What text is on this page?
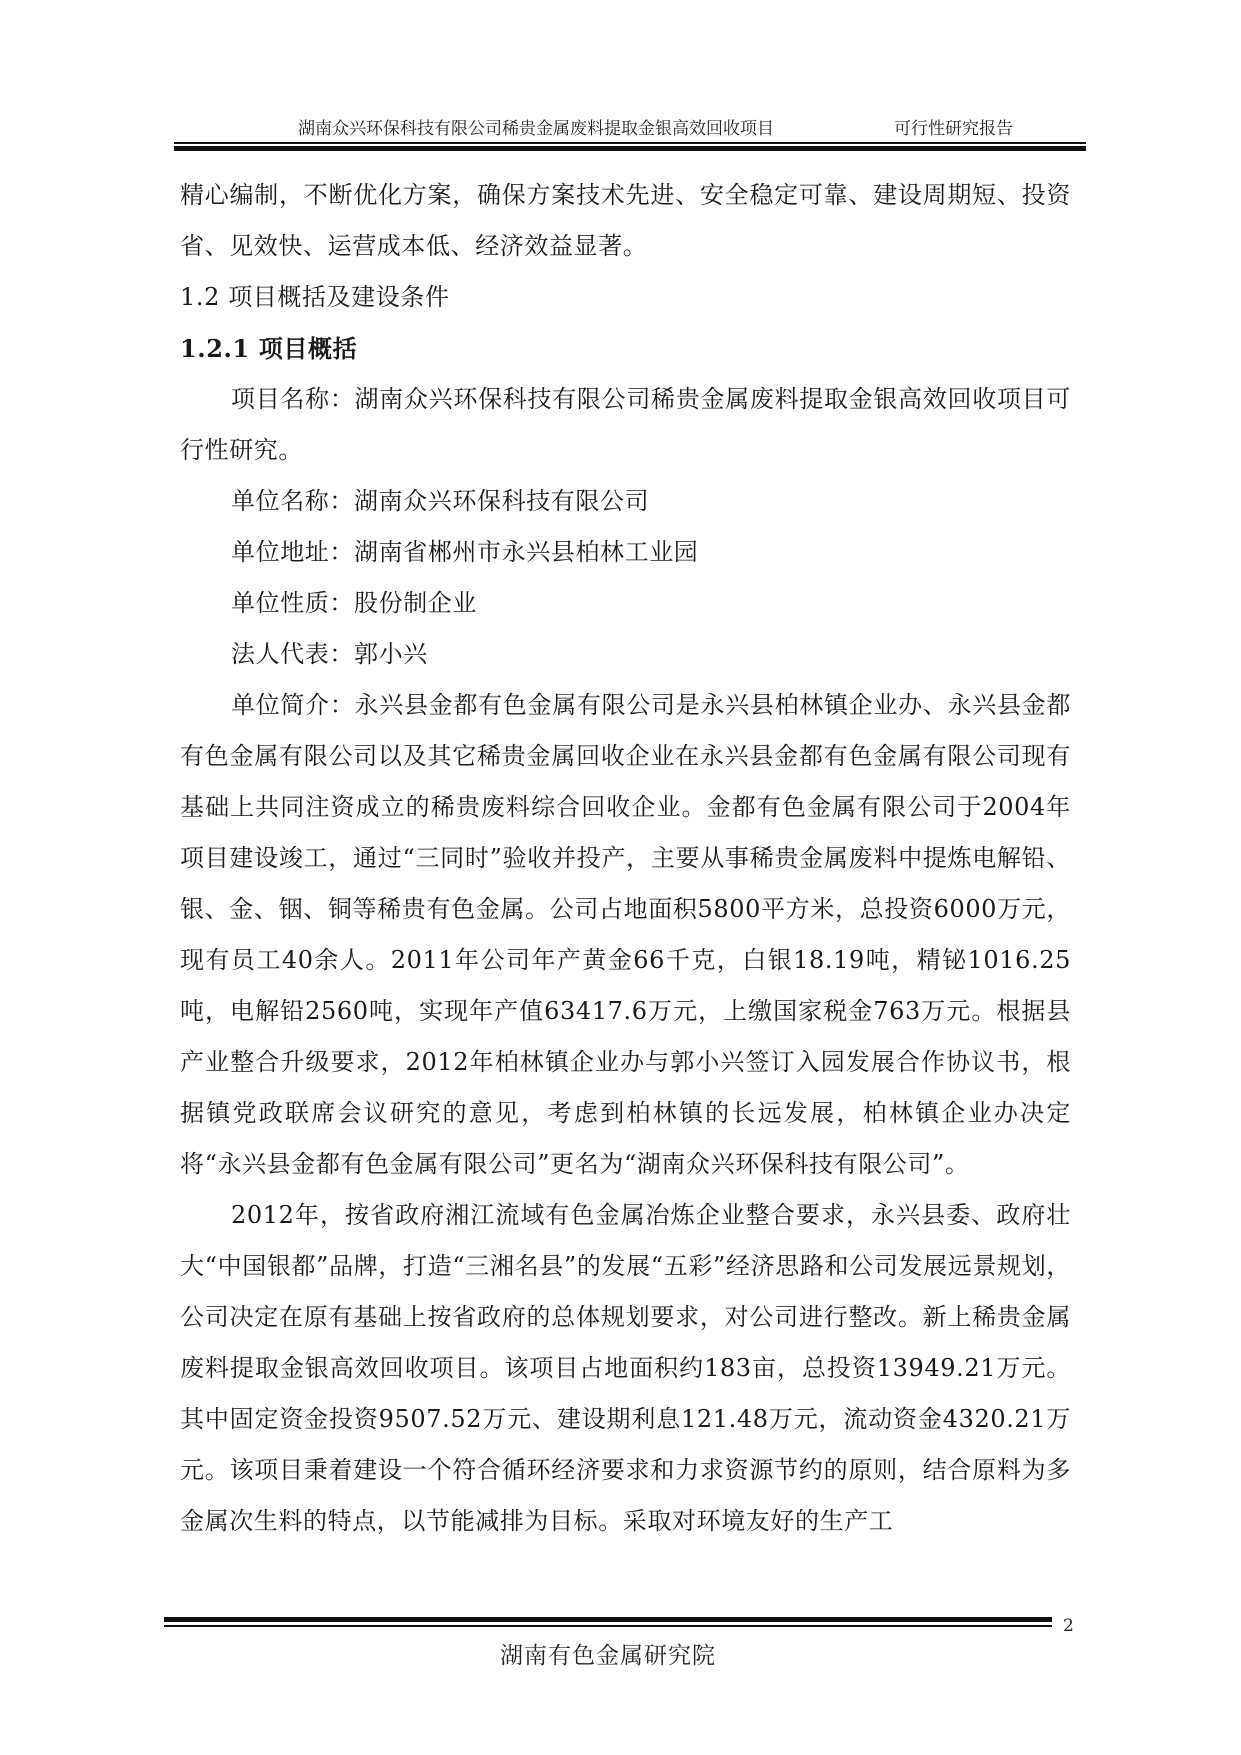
湖南众兴环保科技有限公司稀贵金属废料提取金银高效回收项目	可行性研究报告

精心编制，不断优化方案，确保方案技术先进、安全稳定可靠、建设周期短、投资省、见效快、运营成本低、经济效益显著。

1.2 项目概括及建设条件
1.2.1 项目概括

项目名称：湖南众兴环保科技有限公司稀贵金属废料提取金银高效回收项目可行性研究。

单位名称：湖南众兴环保科技有限公司

单位地址：湖南省郴州市永兴县柏林工业园

单位性质：股份制企业

法人代表：郭小兴

单位简介：永兴县金都有色金属有限公司是永兴县柏林镇企业办、永兴县金都有色金属有限公司以及其它稀贵金属回收企业在永兴县金都有色金属有限公司现有基础上共同注资成立的稀贵废料综合回收企业。金都有色金属有限公司于2004年项目建设竣工，通过“三同时”验收并投产，主要从事稀贵金属废料中提炼电解铅、银、金、铟、铜等稀贵有色金属。公司占地面积5800平方米，总投资6000万元，现有员工40余人。2011年公司年产黄金66千克，白银18.19吨，精铋1016.25吨，电解铅2560吨，实现年产值63417.6万元，上缴国家税金763万元。根据县产业整合升级要求，2012年柏林镇企业办与郭小兴签订入园发展合作协议书，根据镇党政联席会议研究的意见，考虑到柏林镇的长远发展，柏林镇企业办决定将“永兴县金都有色金属有限公司”更名为“湖南众兴环保科技有限公司”。

2012年，按省政府湘江流域有色金属冶炼企业整合要求，永兴县委、政府壮大“中国银都”品牌，打造“三湘名县”的发展“五彩”经济思路和公司发展远景规划，公司决定在原有基础上按省政府的总体规划要求，对公司进行整改。新上稀贵金属废料提取金银高效回收项目。该项目占地面积约183亩，总投资13949.21万元。其中固定资金投资9507.52万元、建设期利息121.48万元，流动资金4320.21万元。该项目秉着建设一个符合循环经济要求和力求资源节约的原则，结合原料为多金属次生料的特点，以节能减排为目标。采取对环境友好的生产工

湖南有色金属研究院
2
